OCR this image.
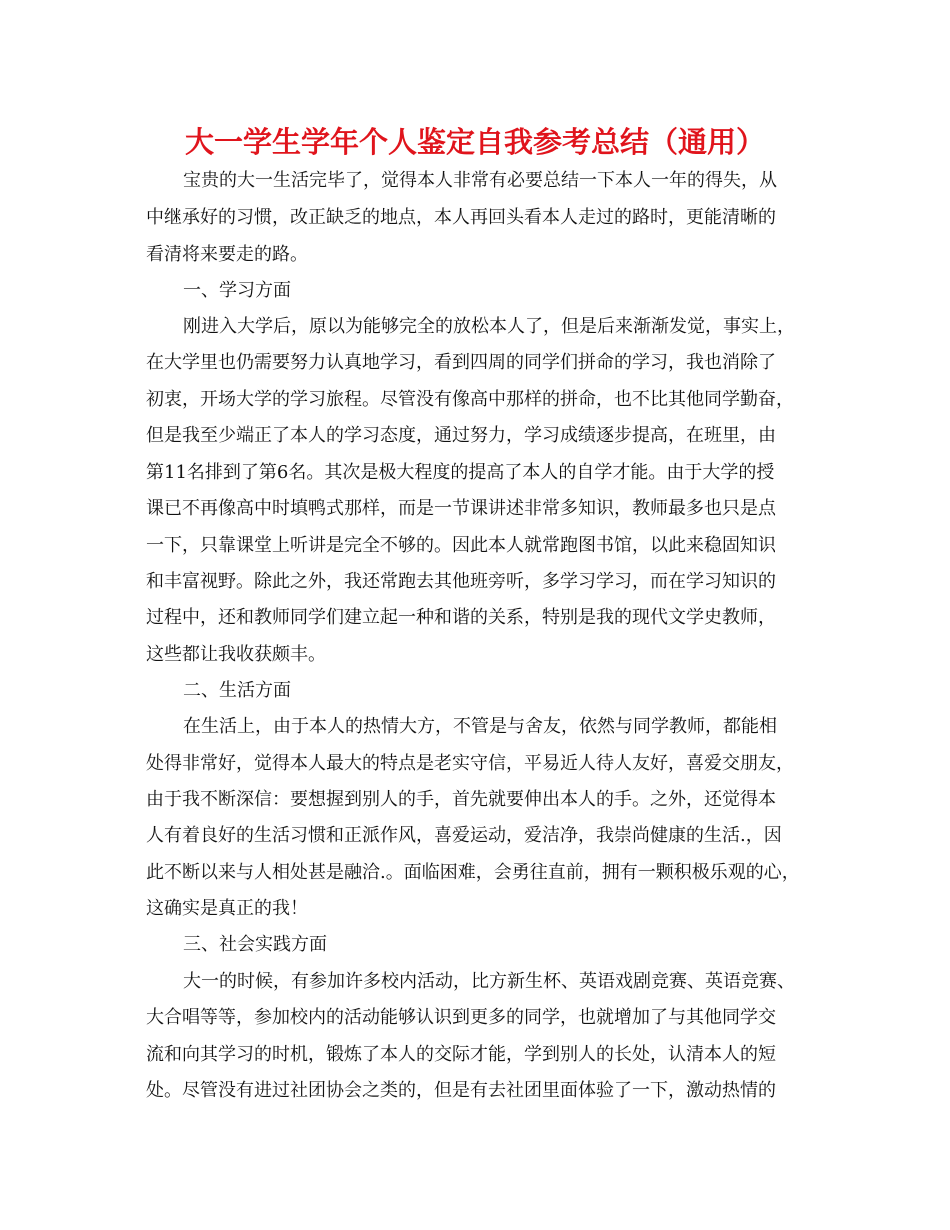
大一学生学年个人鉴定自我参考总结（通用）
宝贵的大一生活完毕了，觉得本人非常有必要总结一下本人一年的得失，从
中继承好的习惯，改正缺乏的地点，本人再回头看本人走过的路时，更能清晰的
看清将来要走的路。
一、学习方面
刚进入大学后，原以为能够完全的放松本人了，但是后来渐渐发觉，事实上，
在大学里也仍需要努力认真地学习，看到四周的同学们拼命的学习，我也消除了
初衷，开场大学的学习旅程。尽管没有像高中那样的拼命，也不比其他同学勤奋，
但是我至少端正了本人的学习态度，通过努力，学习成绩逐步提高，在班里，由
第11名排到了第6名。其次是极大程度的提高了本人的自学才能。由于大学的授
课已不再像高中时填鸭式那样，而是一节课讲述非常多知识，教师最多也只是点
一下，只靠课堂上听讲是完全不够的。因此本人就常跑图书馆，以此来稳固知识
和丰富视野。除此之外，我还常跑去其他班旁听，多学习学习，而在学习知识的
过程中，还和教师同学们建立起一种和谐的关系，特别是我的现代文学史教师，
这些都让我收获颇丰。
二、生活方面
在生活上，由于本人的热情大方，不管是与舍友，依然与同学教师，都能相
处得非常好，觉得本人最大的特点是老实守信，平易近人待人友好，喜爱交朋友，
由于我不断深信：要想握到别人的手，首先就要伸出本人的手。之外，还觉得本
人有着良好的生活习惯和正派作风，喜爱运动，爱洁净，我崇尚健康的生活.，因
此不断以来与人相处甚是融洽.。面临困难，会勇往直前，拥有一颗积极乐观的心，
这确实是真正的我！
三、社会实践方面
大一的时候，有参加许多校内活动，比方新生杯、英语戏剧竞赛、英语竞赛、
大合唱等等，参加校内的活动能够认识到更多的同学，也就增加了与其他同学交
流和向其学习的时机，锻炼了本人的交际才能，学到别人的长处，认清本人的短
处。尽管没有进过社团协会之类的，但是有去社团里面体验了一下，激动热情的
